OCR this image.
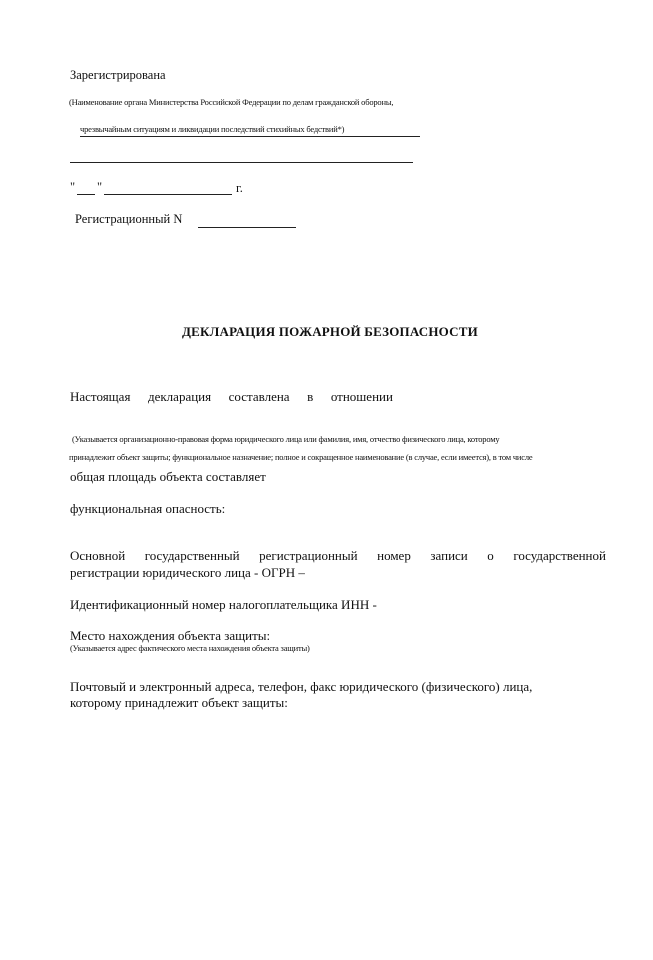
Зарегистрирована
(Наименование органа Министерства Российской Федерации по делам гражданской обороны,
чрезвычайным ситуациям и ликвидации последствий стихийных бедствий*)
" "	г.
Регистрационный N
ДЕКЛАРАЦИЯ ПОЖАРНОЙ БЕЗОПАСНОСТИ
Настоящая декларация составлена в отношении
(Указывается организационно-правовая форма юридического лица или фамилия, имя, отчество физического лица, которому
принадлежит объект защиты; функциональное назначение; полное и сокращенное наименование (в случае, если имеется), в том числе
общая площадь объекта составляет
функциональная опасность:
Основной государственный регистрационный номер записи о государственной
регистрации юридического лица - ОГРН –
Идентификационный номер налогоплательщика ИНН -
Место нахождения объекта защиты:
(Указывается адрес фактического места нахождения объекта защиты)
Почтовый и электронный адреса, телефон, факс юридического (физического) лица,
которому принадлежит объект защиты:
